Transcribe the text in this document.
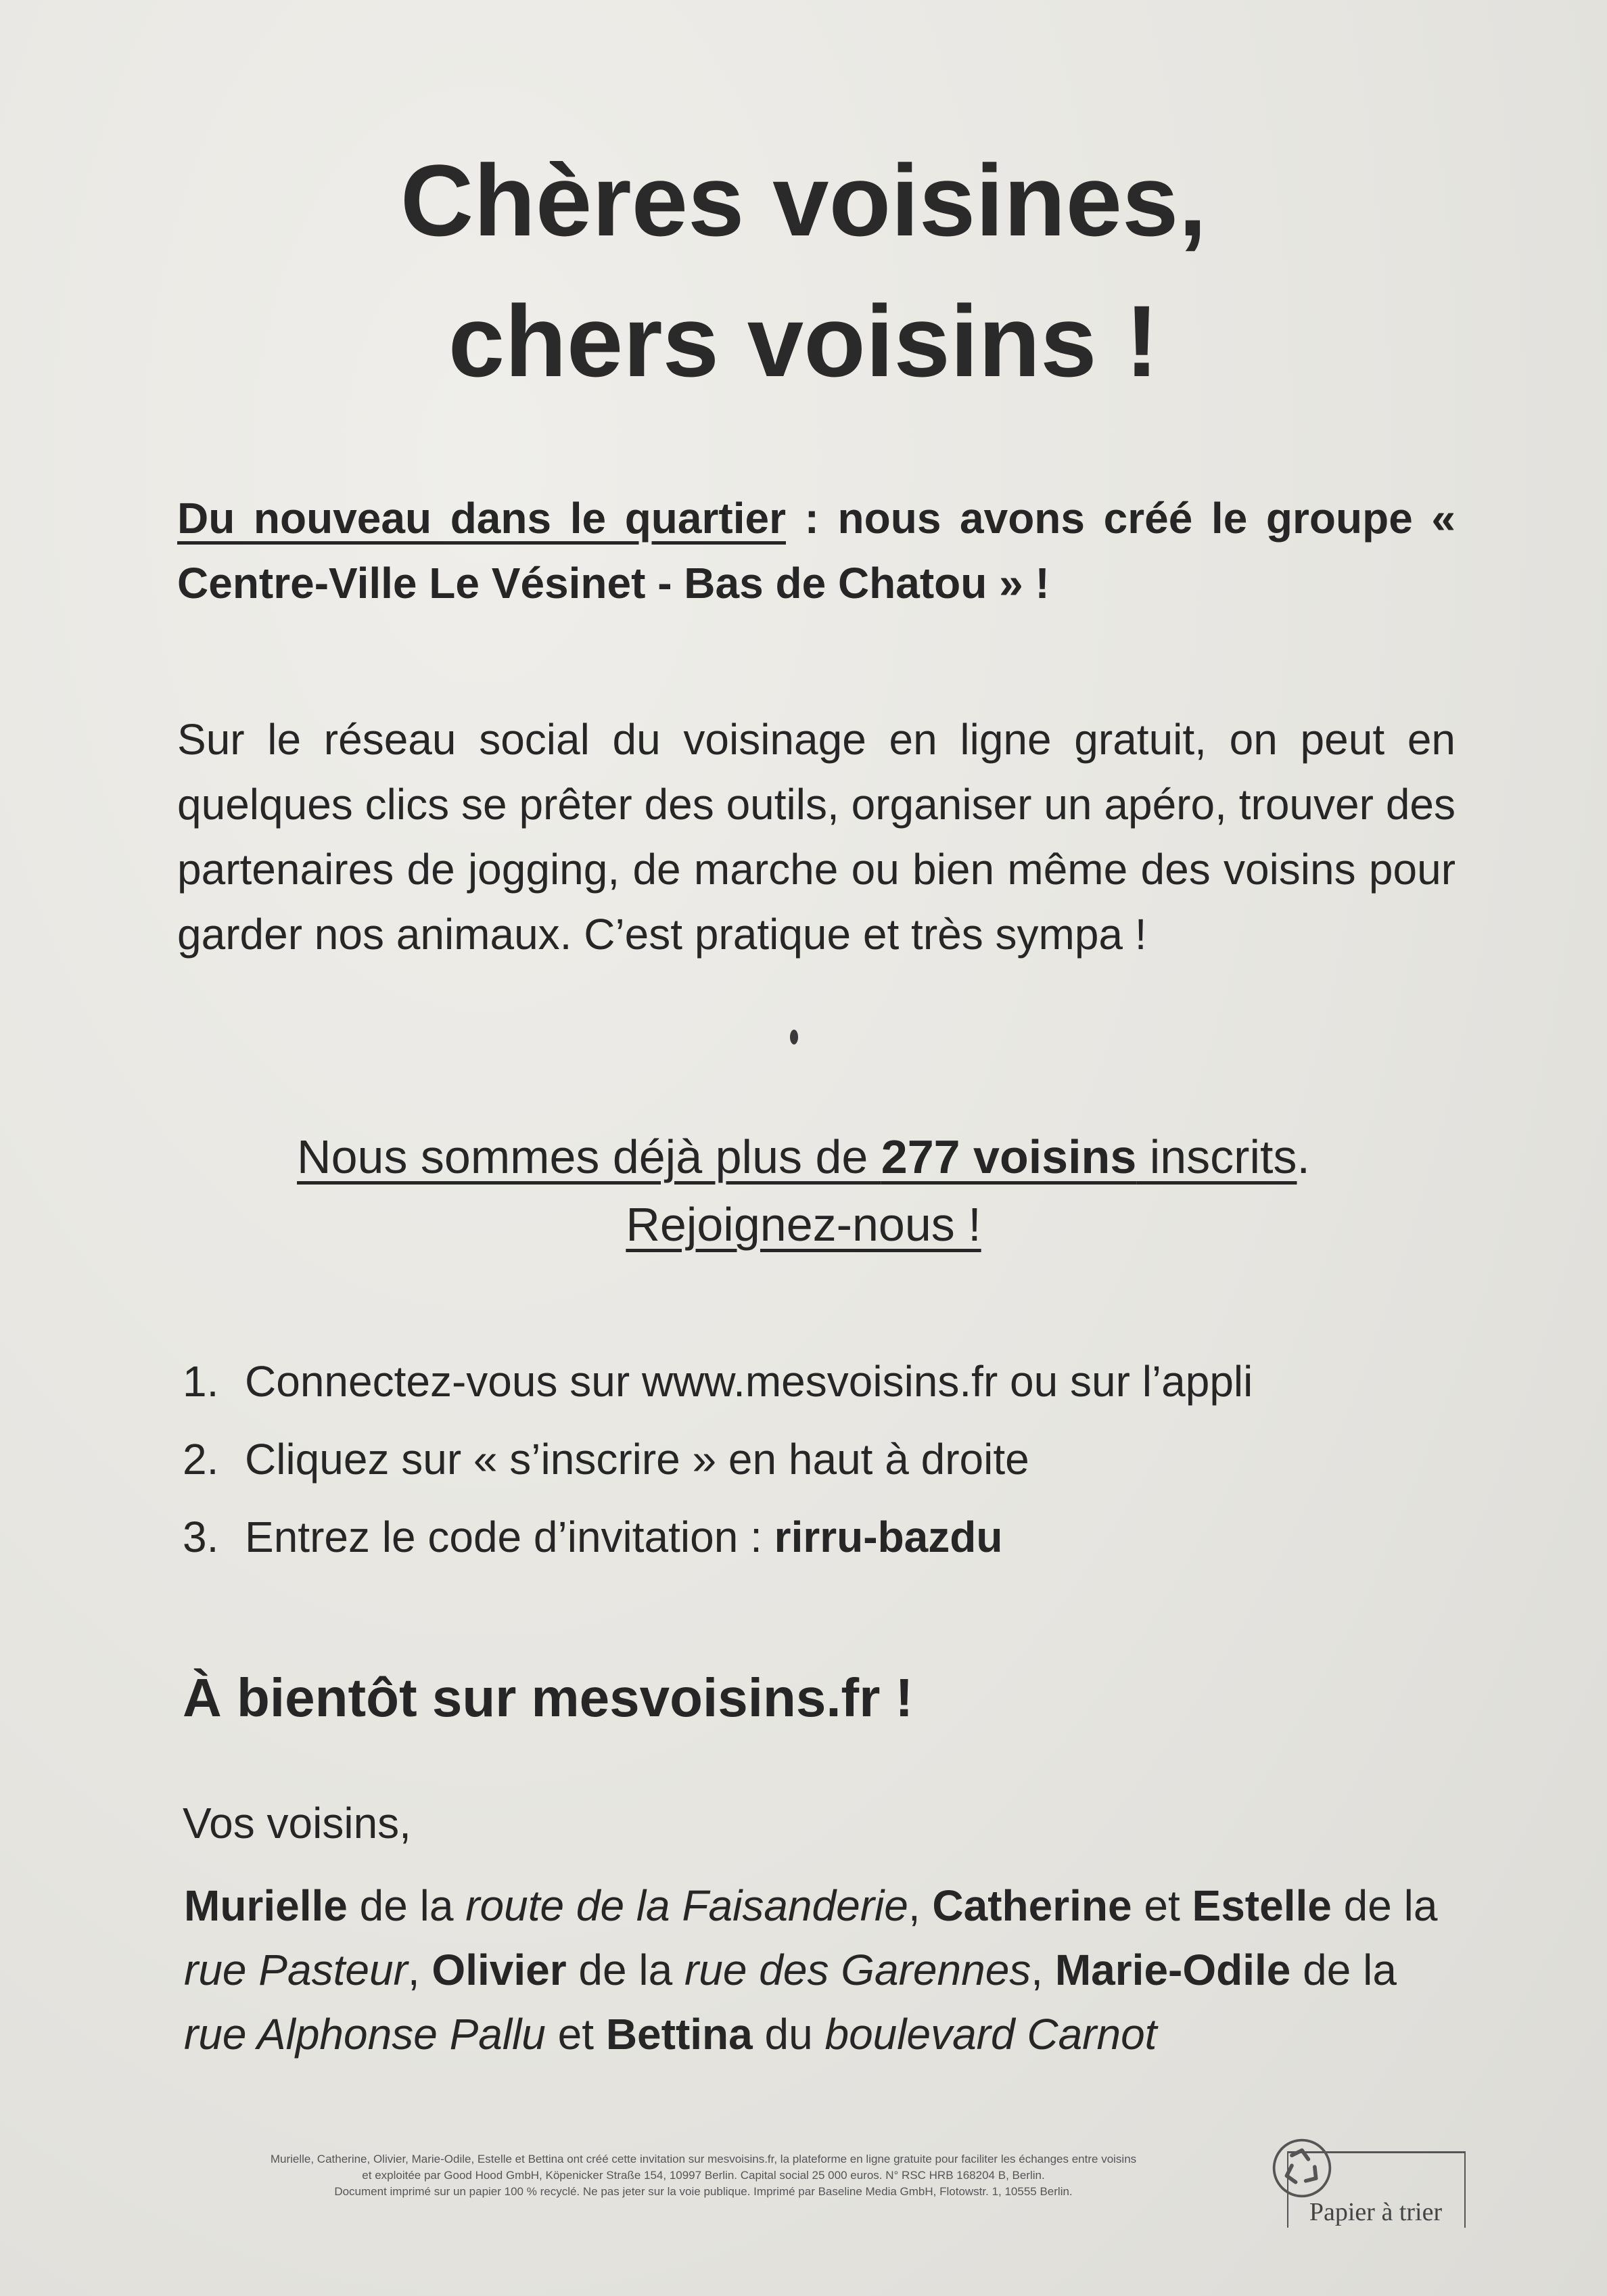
Chères voisines,
chers voisins !
Du nouveau dans le quartier : nous avons créé le groupe « Centre-Ville Le Vésinet - Bas de Chatou » !
Sur le réseau social du voisinage en ligne gratuit, on peut en quelques clics se prêter des outils, organiser un apéro, trouver des partenaires de jogging, de marche ou bien même des voisins pour garder nos animaux. C’est pratique et très sympa !
Nous sommes déjà plus de 277 voisins inscrits.
Rejoignez-nous !
1. Connectez-vous sur www.mesvoisins.fr ou sur l’appli
2. Cliquez sur « s’inscrire » en haut à droite
3. Entrez le code d’invitation : rirru-bazdu
À bientôt sur mesvoisins.fr !
Vos voisins,
Murielle de la route de la Faisanderie, Catherine et Estelle de la rue Pasteur, Olivier de la rue des Garennes, Marie-Odile de la rue Alphonse Pallu et Bettina du boulevard Carnot
Murielle, Catherine, Olivier, Marie-Odile, Estelle et Bettina ont créé cette invitation sur mesvoisins.fr, la plateforme en ligne gratuite pour faciliter les échanges entre voisins
et exploitée par Good Hood GmbH, Köpenicker Straße 154, 10997 Berlin. Capital social 25 000 euros. N° RSC HRB 168204 B, Berlin.
Document imprimé sur un papier 100 % recyclé. Ne pas jeter sur la voie publique. Imprimé par Baseline Media GmbH, Flotowstr. 1, 10555 Berlin.
Papier à trier
